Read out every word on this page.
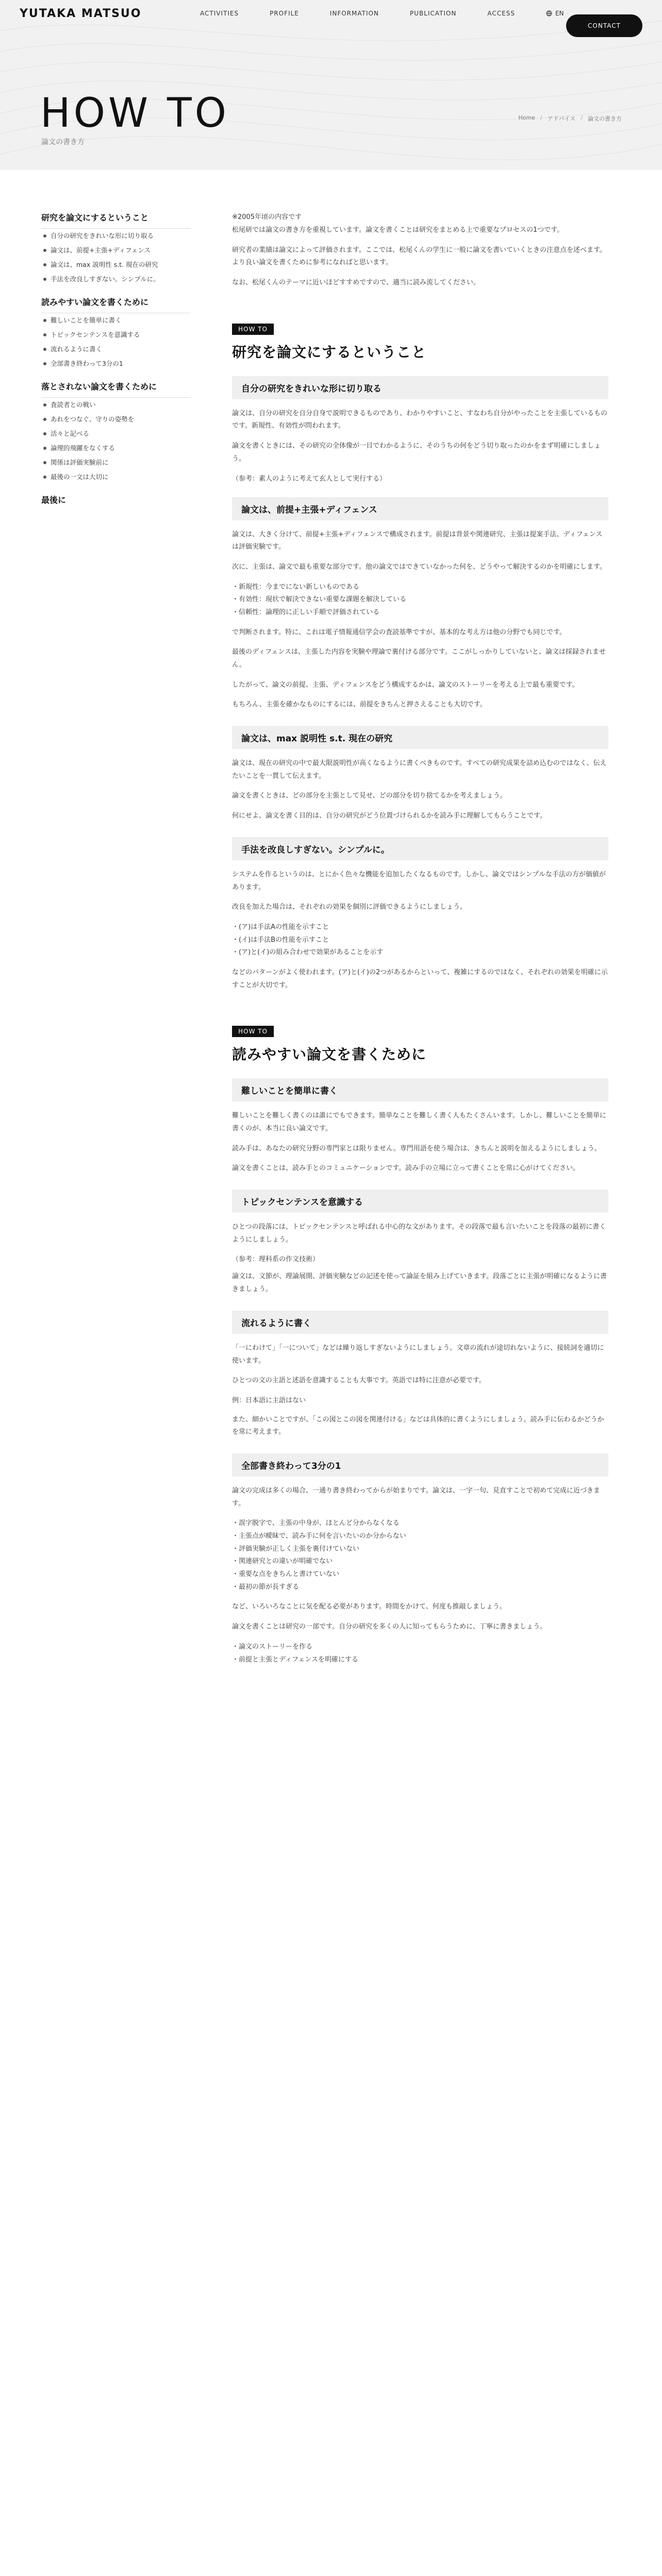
YUTAKA MATSUO	ACTIVITIES	PROFILE	INFORMATION	PUBLICATION	ACCESS	EN
CONTACT
Home / アドバイス / 論文の書き方
HOW TO
論文の書き方
研究を論文にするということ
自分の研究をきれいな形に切り取る
論文は、前提+主張+ディフェンス
論文は、max 説明性 s.t. 現在の研究
手法を改良しすぎない。シンプルに。
読みやすい論文を書くために
難しいことを簡単に書く
トピックセンテンスを意識する
流れるように書く
全部書き終わって3分の1
落とされない論文を書くために
査読者との戦い
あれをつなぐ、守りの姿勢を
活々と記べる
論理的飛躍をなくする
関係は評価実験前に
最後の一文は大切に
最後に

※2005年頃の内容です

松尾研では論文の書き方を重視しています。論文を書くことは研究をまとめる上で重要なプロセスの1つです。

研究者の業績は論文によって評価されます。ここでは、松尾くんの学生に一般に論文を書いていくときの注意点を述べます。より良い論文を書くために参考になればと思います。

なお、松尾くんのテーマに近いほどすすめですので、適当に読み流してください。

HOW TO
研究を論文にするということ
自分の研究をきれいな形に切り取る

論文は、自分の研究を自分自身で説明できるものであり、わかりやすいこと、すなわち自分がやったことを主張しているものです。新規性、有効性が問われます。

論文を書くときには、その研究の全体像が一目でわかるように、そのうちの何をどう切り取ったのかをまず明確にしましょう。

（参考：素人のように考えて玄人として実行する）

論文は、前提+主張+ディフェンス

論文は、大きく分けて、前提+主張+ディフェンスで構成されます。前提は背景や関連研究、主張は提案手法、ディフェンスは評価実験です。

次に、主張は、論文で最も重要な部分です。他の論文ではできていなかった何を、どうやって解決するのかを明確にします。

・新規性：今までにない新しいものである
・有効性：現状で解決できない重要な課題を解決している
・信頼性：論理的に正しい手順で評価されている

で判断されます。特に、これは電子情報通信学会の査読基準ですが、基本的な考え方は他の分野でも同じです。

最後のディフェンスは、主張した内容を実験や理論で裏付ける部分です。ここがしっかりしていないと、論文は採録されません。

したがって、論文の前提、主張、ディフェンスをどう構成するかは、論文のストーリーを考える上で最も重要です。

もちろん、主張を確かなものにするには、前提をきちんと押さえることも大切です。

論文は、max 説明性 s.t. 現在の研究

論文は、現在の研究の中で最大限説明性が高くなるように書くべきものです。すべての研究成果を詰め込むのではなく、伝えたいことを一貫して伝えます。

論文を書くときは、どの部分を主張として見せ、どの部分を切り捨てるかを考えましょう。

何にせよ、論文を書く目的は、自分の研究がどう位置づけられるかを読み手に理解してもらうことです。

手法を改良しすぎない。シンプルに。

システムを作るというのは、とにかく色々な機能を追加したくなるものです。しかし、論文ではシンプルな手法の方が価値があります。

改良を加えた場合は、それぞれの効果を個別に評価できるようにしましょう。

・(ア)は手法Aの性能を示すこと
・(イ)は手法Bの性能を示すこと
・(ア)と(イ)の組み合わせで効果があることを示す

などのパターンがよく使われます。(ア)と(イ)の2つがあるからといって、複雑にするのではなく、それぞれの効果を明確に示すことが大切です。

HOW TO
読みやすい論文を書くために
難しいことを簡単に書く

難しいことを難しく書くのは誰にでもできます。簡単なことを難しく書く人もたくさんいます。しかし、難しいことを簡単に書くのが、本当に良い論文です。

読み手は、あなたの研究分野の専門家とは限りません。専門用語を使う場合は、きちんと説明を加えるようにしましょう。

論文を書くことは、読み手とのコミュニケーションです。読み手の立場に立って書くことを常に心がけてください。

トピックセンテンスを意識する

ひとつの段落には、トピックセンテンスと呼ばれる中心的な文があります。その段落で最も言いたいことを段落の最初に書くようにしましょう。

（参考：理科系の作文技術）

論文は、文節が、理論展開、評価実験などの記述を使って論証を組み上げていきます。段落ごとに主張が明確になるように書きましょう。

流れるように書く

「一にわけて」「一について」などは繰り返しすぎないようにしましょう。文章の流れが途切れないように、接続詞を適切に使います。

ひとつの文の主語と述語を意識することも大事です。英語では特に注意が必要です。

例：日本語に主語はない

また、細かいことですが、「この図とこの図を関連付ける」などは具体的に書くようにしましょう。読み手に伝わるかどうかを常に考えます。

全部書き終わって3分の1

論文の完成は多くの場合、一通り書き終わってからが始まりです。論文は、一字一句、見直すことで初めて完成に近づきます。

・誤字脱字で、主張の中身が、ほとんど分からなくなる
・主張点が曖昧で、読み手に何を言いたいのか分からない
・評価実験が正しく主張を裏付けていない
・関連研究との違いが明確でない
・重要な点をきちんと書けていない
・最初の節が長すぎる

など、いろいろなことに気を配る必要があります。時間をかけて、何度も推敲しましょう。

論文を書くことは研究の一部です。自分の研究を多くの人に知ってもらうために、丁寧に書きましょう。

・論文のストーリーを作る
・前提と主張とディフェンスを明確にする
